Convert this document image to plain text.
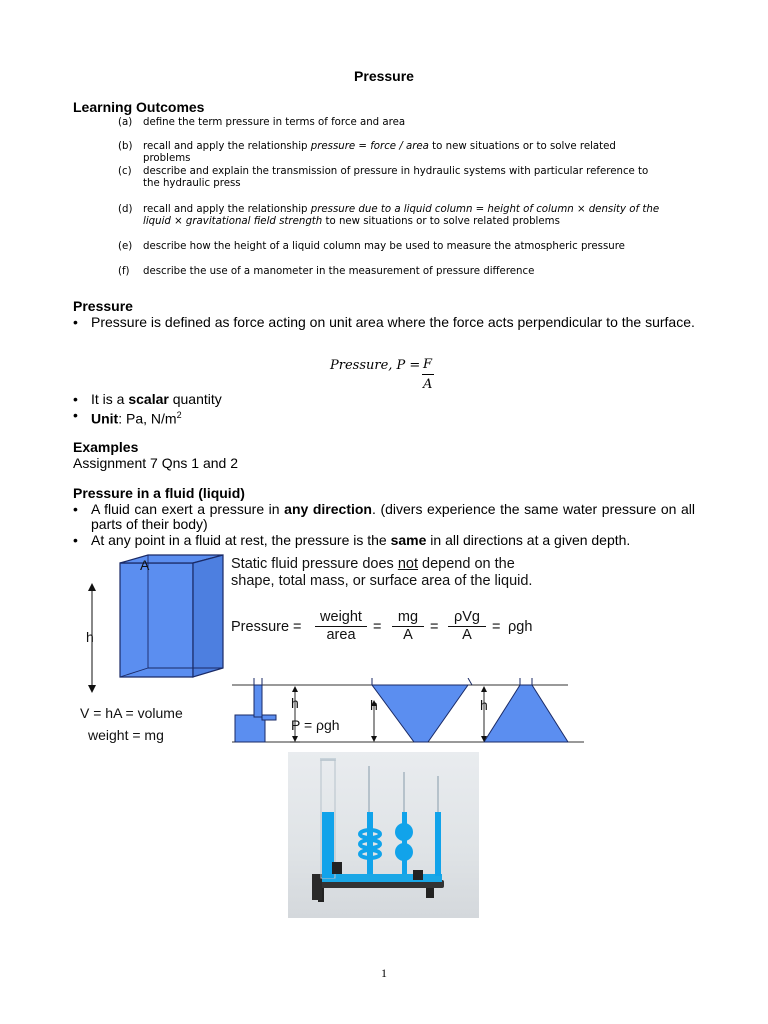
Pressure
Learning Outcomes
(a) define the term pressure in terms of force and area
(b) recall and apply the relationship pressure = force / area to new situations or to solve related problems
(c) describe and explain the transmission of pressure in hydraulic systems with particular reference to
the hydraulic press
(d) recall and apply the relationship pressure due to a liquid column = height of column × density of the
liquid × gravitational field strength to new situations or to solve related problems
(e) describe how the height of a liquid column may be used to measure the atmospheric pressure
(f) describe the use of a manometer in the measurement of pressure difference
Pressure
• Pressure is defined as force acting on unit area where the force acts perpendicular to the surface.
Pressure, P = F
A
• It is a scalar quantity
• Unit: Pa, $N/m^2$
Examples
Assignment 7 Qns 1 and 2
Pressure in a fluid (liquid)
• A fluid can exert a pressure in any direction. (divers experience the same water pressure on all parts of their body)
• At any point in a fluid at rest, the pressure is the same in all directions at a given depth.
A
h
V = hA = volume
weight = mg
Static fluid pressure does not depend on the
shape, total mass, or surface area of the liquid.
Pressure =
weight
area	=
mg
A	=
ρVg
A	= ρgh
h
P = ρgh
h	h
1
